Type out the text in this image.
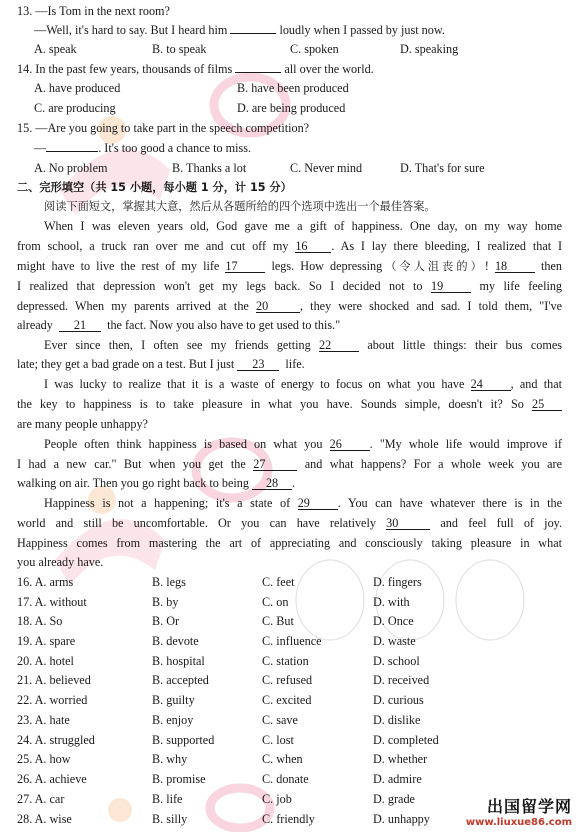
13. —Is Tom in the next room?
—Well, it's hard to say. But I heard him	loudly when I passed by just now.
A. speak	B. to speak	C. spoken	D. speaking
14. In the past few years, thousands of films	all over the world.
A. have produced	B. have been produced
C. are producing	D. are being produced
15. —Are you going to take part in the speech competition?
—	. It's too good a chance to miss.
A. No problem	B. Thanks a lot	C. Never mind	D. That's for sure
二、完形填空（共 15 小题，每小题 1 分，计 15 分）
阅读下面短文，掌握其大意，然后从各题所给的四个选项中选出一个最佳答案。
When I was eleven years old, God gave me a gift of happiness. One day, on my way home
from school, a truck ran over me and cut off my 16 . As I lay there bleeding, I realized that I
might have to live the rest of my life 17	legs. How depressing（令人沮丧的）! 18	then
I realized that depression won't get my legs back. So I decided not to 19	my life feeling
depressed. When my parents arrived at the 20	, they were shocked and sad. I told them, "I've
already 21 the fact. Now you also have to get used to this."
Ever since then, I often see my friends getting 22	about little things: their bus comes
late; they get a bad grade on a test. But I just 23 life.
I was lucky to realize that it is a waste of energy to focus on what you have 24 , and that
the key to happiness is to take pleasure in what you have. Sounds simple, doesn't it? So 25
are many people unhappy?
People often think happiness is based on what you 26 . "My whole life would improve if
I had a new car." But when you get the 27	and what happens? For a whole week you are
walking on air. Then you go right back to being 28 .
Happiness is not a happening; it's a state of 29 . You can have whatever there is in the
world and still be uncomfortable. Or you can have relatively 30	and feel full of joy.
Happiness comes from mastering the art of appreciating and consciously taking pleasure in what
you already have.
16. A. arms	B. legs	C. feet	D. fingers
17. A. without	B. by	C. on	D. with
18. A. So	B. Or	C. But	D. Once
19. A. spare	B. devote	C. influence	D. waste
20. A. hotel	B. hospital	C. station	D. school
21. A. believed	B. accepted	C. refused	D. received
22. A. worried	B. guilty	C. excited	D. curious
23. A. hate	B. enjoy	C. save	D. dislike
24. A. struggled	B. supported	C. lost	D. completed
25. A. how	B. why	C. when	D. whether
26. A. achieve	B. promise	C. donate	D. admire
27. A. car	B. life	C. job	D. grade
28. A. wise	B. silly	C. friendly	D. unhappy
出国留学网
www.liuxue86.com
